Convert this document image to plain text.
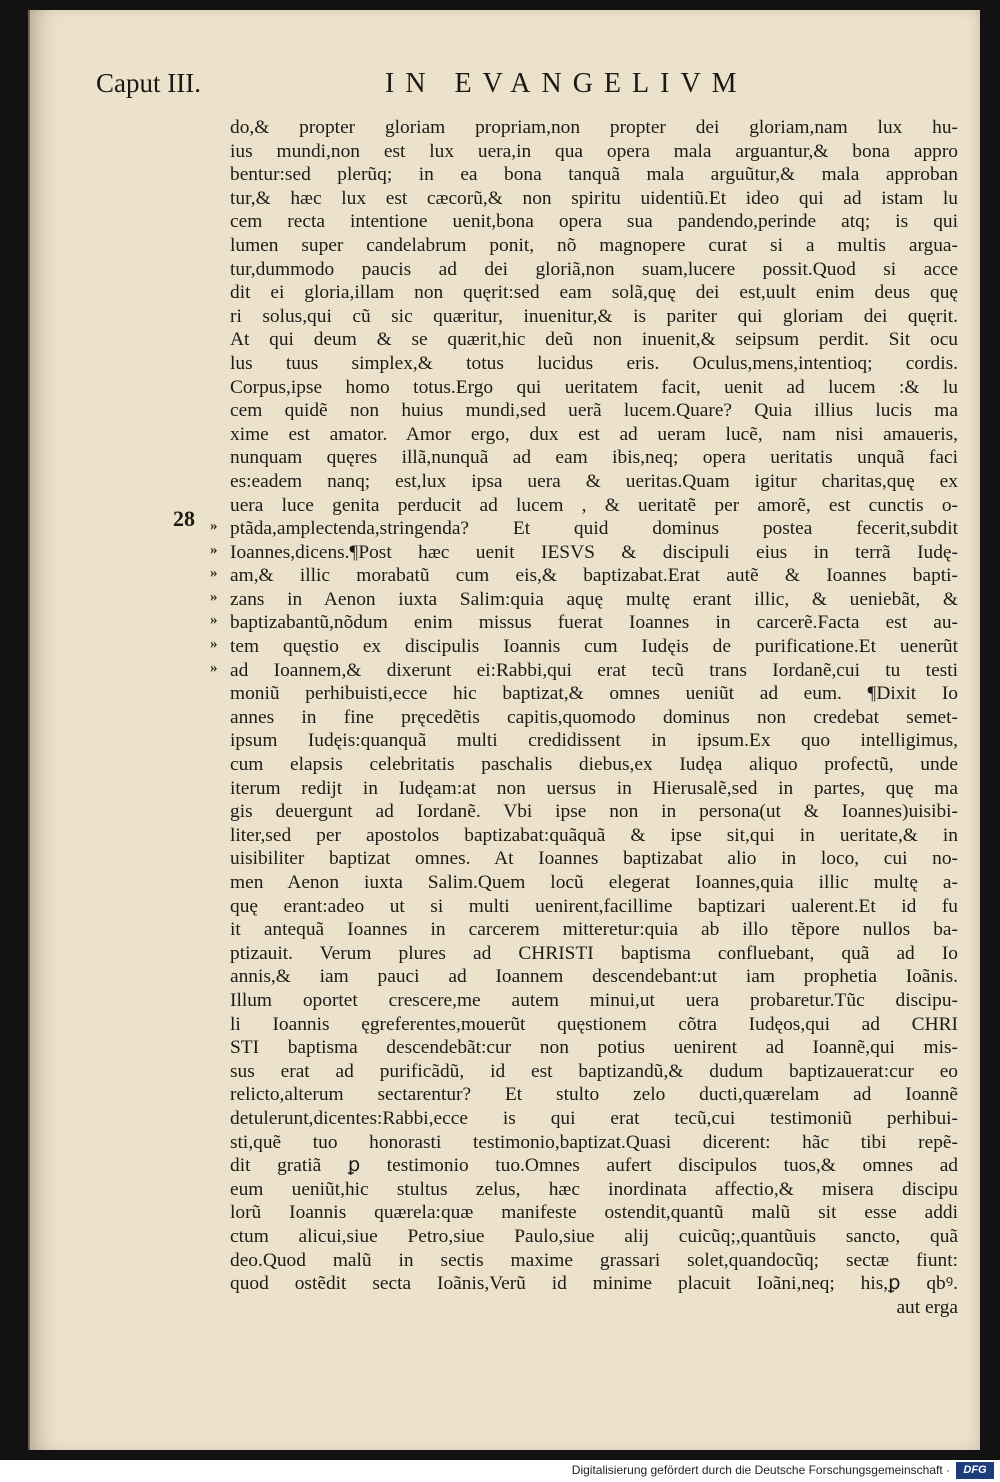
Caput III.	IN EVANGELIVM
28 »
»
»
»
»
»
»
do,& propter gloriam propriam,non propter dei gloriam,nam lux hu-
ius mundi,non est lux uera,in qua opera mala arguantur,& bona appro
bentur:sed plerũq; in ea bona tanquã mala arguũtur,& mala approban
tur,& hæc lux est cæcorũ,& non spiritu uidentiũ.Et ideo qui ad istam lu
cem recta intentione uenit,bona opera sua pandendo,perinde atq; is qui
lumen super candelabrum ponit, nõ magnopere curat si a multis argua-
tur,dummodo paucis ad dei gloriã,non suam,lucere possit.Quod si acce
dit ei gloria,illam non quęrit:sed eam solã,quę dei est,uult enim deus quę
ri solus,qui cũ sic quæritur, inuenitur,& is pariter qui gloriam dei quęrit.
At qui deum & se quærit,hic deũ non inuenit,& seipsum perdit. Sit ocu
lus tuus simplex,& totus lucidus eris. Oculus,mens,intentioq; cordis.
Corpus,ipse homo totus.Ergo qui ueritatem facit, uenit ad lucem :& lu
cem quidẽ non huius mundi,sed uerã lucem.Quare? Quia illius lucis ma
xime est amator. Amor ergo, dux est ad ueram lucẽ, nam nisi amaueris,
nunquam quęres illã,nunquã ad eam ibis,neq; opera ueritatis unquã faci
es:eadem nanq; est,lux ipsa uera & ueritas.Quam igitur charitas,quę ex
uera luce genita perducit ad lucem , & ueritatẽ per amorẽ, est cunctis o-
ptãda,amplectenda,stringenda? Et quid dominus postea fecerit,subdit
Ioannes,dicens.¶Post hæc uenit IESVS & discipuli eius in terrã Iudę-
am,& illic morabatũ cum eis,& baptizabat.Erat autẽ & Ioannes bapti-
zans in Aenon iuxta Salim:quia aquę multę erant illic, & ueniebãt, &
baptizabantũ,nõdum enim missus fuerat Ioannes in carcerẽ.Facta est au-
tem quęstio ex discipulis Ioannis cum Iudęis de purificatione.Et uenerũt
ad Ioannem,& dixerunt ei:Rabbi,qui erat tecũ trans Iordanẽ,cui tu testi
moniũ perhibuisti,ecce hic baptizat,& omnes ueniũt ad eum. ¶Dixit Io
annes in fine pręcedẽtis capitis,quomodo dominus non credebat semet-
ipsum Iudęis:quanquã multi credidissent in ipsum.Ex quo intelligimus,
cum elapsis celebritatis paschalis diebus,ex Iudęa aliquo profectũ, unde
iterum redijt in Iudęam:at non uersus in Hierusalẽ,sed in partes, quę ma
gis deuergunt ad Iordanẽ. Vbi ipse non in persona(ut & Ioannes)uisibi-
liter,sed per apostolos baptizabat:quãquã & ipse sit,qui in ueritate,& in
uisibiliter baptizat omnes. At Ioannes baptizabat alio in loco, cui no-
men Aenon iuxta Salim.Quem locũ elegerat Ioannes,quia illic multę a-
quę erant:adeo ut si multi uenirent,facillime baptizari ualerent.Et id fu
it antequã Ioannes in carcerem mitteretur:quia ab illo tẽpore nullos ba-
ptizauit. Verum plures ad CHRISTI baptisma confluebant, quã ad Io
annis,& iam pauci ad Ioannem descendebant:ut iam prophetia Ioãnis.
Illum oportet crescere,me autem minui,ut uera probaretur.Tũc discipu-
li Ioannis ęgreferentes,mouerũt quęstionem cõtra Iudęos,qui ad CHRI
STI baptisma descendebãt:cur non potius uenirent ad Ioannẽ,qui mis-
sus erat ad purificãdũ, id est baptizandũ,& dudum baptizauerat:cur eo
relicto,alterum sectarentur? Et stulto zelo ducti,quærelam ad Ioannẽ
detulerunt,dicentes:Rabbi,ecce is qui erat tecũ,cui testimoniũ perhibui-
sti,quẽ tuo honorasti testimonio,baptizat.Quasi dicerent: hãc tibi repẽ-
dit gratiã ꝑ testimonio tuo.Omnes aufert discipulos tuos,& omnes ad
eum ueniũt,hic stultus zelus, hæc inordinata affectio,& misera discipu
lorũ Ioannis quærela:quæ manifeste ostendit,quantũ malũ sit esse addi
ctum alicui,siue Petro,siue Paulo,siue alij cuicũq;,quantũuis sancto, quã
deo.Quod malũ in sectis maxime grassari solet,quandocũq; sectæ fiunt:
quod ostẽdit secta Ioãnis,Verũ id minime placuit Ioãni,neq; his,ꝑ qbꝰ.
aut erga
Digitalisierung gefördert durch die Deutsche Forschungsgemeinschaft ·	DFG
